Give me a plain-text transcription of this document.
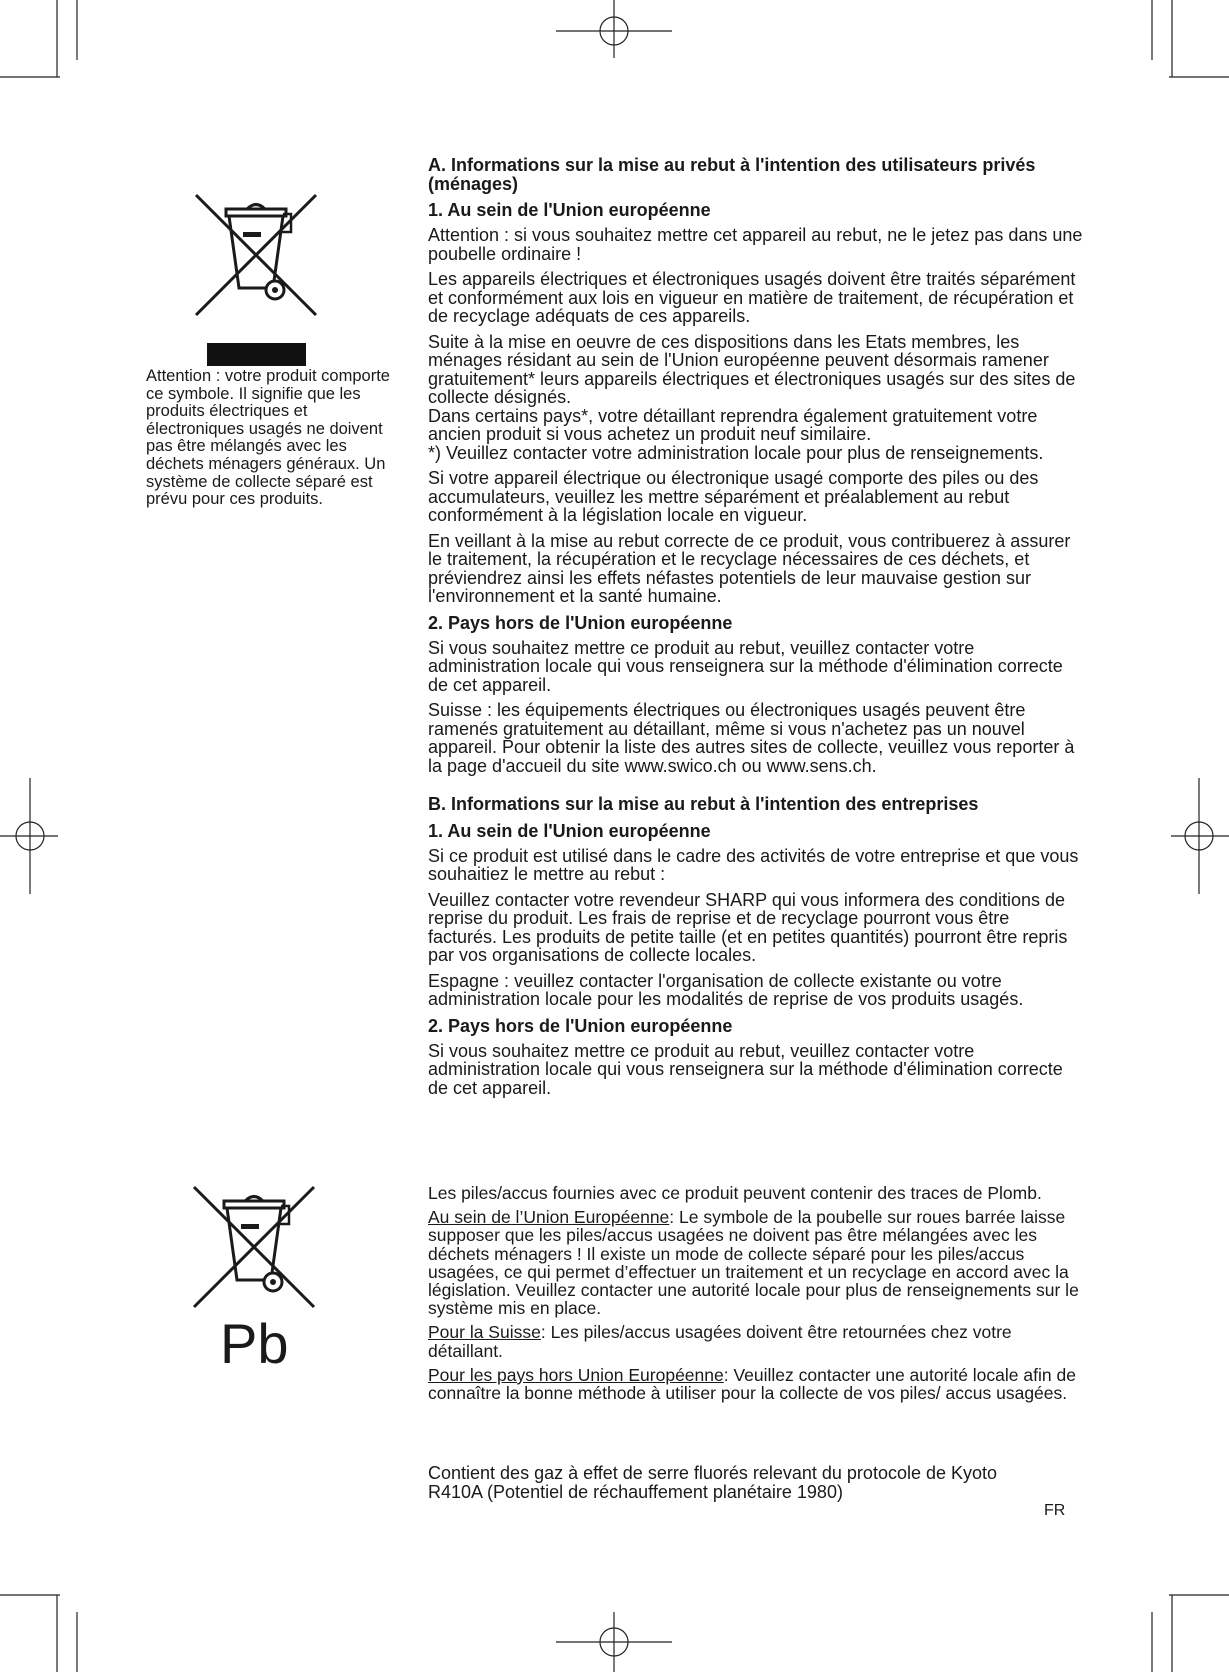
Attention : votre produit comporte ce symbole. Il signifie que les produits électriques et électroniques usagés ne doivent pas être mélangés avec les déchets ménagers généraux. Un système de collecte séparé est prévu pour ces produits.

Pb
A. Informations sur la mise au rebut à l'intention des utilisateurs privés (ménages)
1. Au sein de l'Union européenne

Attention : si vous souhaitez mettre cet appareil au rebut, ne le jetez pas dans une poubelle ordinaire !

Les appareils électriques et électroniques usagés doivent être traités séparément et conformément aux lois en vigueur en matière de traitement, de récupération et de recyclage adéquats de ces appareils.

Suite à la mise en oeuvre de ces dispositions dans les Etats membres, les ménages résidant au sein de l'Union européenne peuvent désormais ramener gratuitement* leurs appareils électriques et électroniques usagés sur des sites de collecte désignés.
Dans certains pays*, votre détaillant reprendra également gratuitement votre ancien produit si vous achetez un produit neuf similaire.
*) Veuillez contacter votre administration locale pour plus de renseignements.

Si votre appareil électrique ou électronique usagé comporte des piles ou des accumulateurs, veuillez les mettre séparément et préalablement au rebut conformément à la législation locale en vigueur.

En veillant à la mise au rebut correcte de ce produit, vous contribuerez à assurer le traitement, la récupération et le recyclage nécessaires de ces déchets, et préviendrez ainsi les effets néfastes potentiels de leur mauvaise gestion sur l'environnement et la santé humaine.

2. Pays hors de l'Union européenne

Si vous souhaitez mettre ce produit au rebut, veuillez contacter votre administration locale qui vous renseignera sur la méthode d'élimination correcte de cet appareil.

Suisse : les équipements électriques ou électroniques usagés peuvent être ramenés gratuitement au détaillant, même si vous n'achetez pas un nouvel appareil. Pour obtenir la liste des autres sites de collecte, veuillez vous reporter à la page d'accueil du site www.swico.ch ou www.sens.ch.

B. Informations sur la mise au rebut à l'intention des entreprises
1. Au sein de l'Union européenne

Si ce produit est utilisé dans le cadre des activités de votre entreprise et que vous souhaitiez le mettre au rebut :

Veuillez contacter votre revendeur SHARP qui vous informera des conditions de reprise du produit. Les frais de reprise et de recyclage pourront vous être facturés. Les produits de petite taille (et en petites quantités) pourront être repris par vos organisations de collecte locales.

Espagne : veuillez contacter l'organisation de collecte existante ou votre administration locale pour les modalités de reprise de vos produits usagés.

2. Pays hors de l'Union européenne

Si vous souhaitez mettre ce produit au rebut, veuillez contacter votre administration locale qui vous renseignera sur la méthode d'élimination correcte de cet appareil.

Les piles/accus fournies avec ce produit peuvent contenir des traces de Plomb.

Au sein de l’Union Européenne: Le symbole de la poubelle sur roues barrée laisse supposer que les piles/accus usagées ne doivent pas être mélangées avec les déchets ménagers ! Il existe un mode de collecte séparé pour les piles/accus usagées, ce qui permet d’effectuer un traitement et un recyclage en accord avec la législation. Veuillez contacter une autorité locale pour plus de renseignements sur le système mis en place.

Pour la Suisse: Les piles/accus usagées doivent être retournées chez votre détaillant.

Pour les pays hors Union Européenne: Veuillez contacter une autorité locale afin de connaître la bonne méthode à utiliser pour la collecte de vos piles/ accus usagées.

Contient des gaz à effet de serre fluorés relevant du protocole de Kyoto
R410A (Potentiel de réchauffement planétaire 1980)

FR
